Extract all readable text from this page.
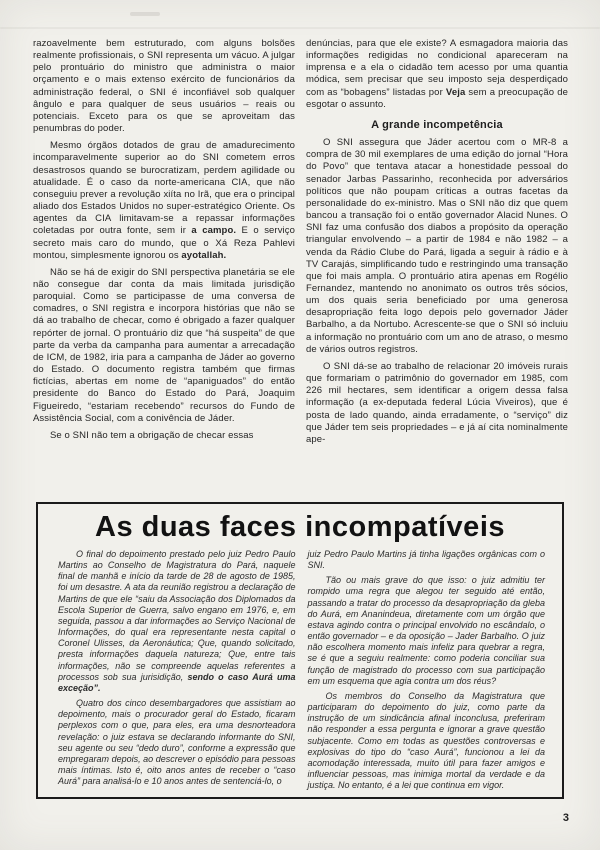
razoavelmente bem estruturado, com alguns bolsões realmente profissionais, o SNI representa um vácuo. A julgar pelo prontuário do ministro que administra o maior orçamento e o mais extenso exército de funcionários da administração federal, o SNI é inconfiável sob qualquer ângulo e para qualquer de seus usuários – reais ou potenciais. Exceto para os que se aproveitam das penumbras do poder.

Mesmo órgãos dotados de grau de amadurecimento incomparavelmente superior ao do SNI cometem erros desastrosos quando se burocratizam, perdem agilidade ou atualidade. É o caso da norte-americana CIA, que não conseguiu prever a revolução xiíta no Irã, que era o principal aliado dos Estados Unidos no super-estratégico Oriente. Os agentes da CIA limitavam-se a repassar informações coletadas por outra fonte, sem ir a campo. E o serviço secreto mais caro do mundo, que o Xá Reza Pahlevi montou, simplesmente ignorou os ayotallah.

Não se há de exigir do SNI perspectiva planetária se ele não consegue dar conta da mais limitada jurisdição paroquial. Como se participasse de uma conversa de comadres, o SNI registra e incorpora histórias que não se dá ao trabalho de checar, como é obrigado a fazer qualquer repórter de jornal. O prontuário diz que “há suspeita” de que parte da verba da campanha para aumentar a arrecadação de ICM, de 1982, iria para a campanha de Jáder ao governo do Estado. O documento registra também que firmas fictícias, abertas em nome de “apaniguados” do então presidente do Banco do Estado do Pará, Joaquim Figueiredo, “estariam recebendo” recursos do Fundo de Assistência Social, com a conivência de Jáder.

Se o SNI não tem a obrigação de checar essas

denúncias, para que ele existe? A esmagadora maioria das informações redigidas no condicional apareceram na imprensa e a ela o cidadão tem acesso por uma quantia módica, sem precisar que seu imposto seja desperdiçado com as “bobagens” listadas por Veja sem a preocupação de esgotar o assunto.

A grande incompetência

O SNI assegura que Jáder acertou com o MR-8 a compra de 30 mil exemplares de uma edição do jornal “Hora do Povo” que tentava atacar a honestidade pessoal do senador Jarbas Passarinho, reconhecida por adversários políticos que não poupam críticas a outras facetas da personalidade do ex-ministro. Mas o SNI não diz que quem bancou a transação foi o então governador Alacid Nunes. O SNI faz uma confusão dos diabos a propósito da operação triangular envolvendo – a partir de 1984 e não 1982 – a venda da Rádio Clube do Pará, ligada a seguir à rádio e à TV Carajás, simplificando tudo e restringindo uma transação que foi mais ampla. O prontuário atira apenas em Rogélio Fernandez, mantendo no anonimato os outros três sócios, um dos quais seria beneficiado por uma generosa desapropriação feita logo depois pelo governador Jáder Barbalho, a da Nortubo. Acrescente-se que o SNI só incluiu a informação no prontuário com um ano de atraso, o mesmo de vários outros registros.

O SNI dá-se ao trabalho de relacionar 20 imóveis rurais que formariam o patrimônio do governador em 1985, com 226 mil hectares, sem identificar a origem dessa falsa informação (a ex-deputada federal Lúcia Viveiros), que é posta de lado quando, ainda erradamente, o “serviço” diz que Jáder tem seis propriedades – e já aí cita nominalmente ape-

As duas faces incompatíveis

O final do depoimento prestado pelo juiz Pedro Paulo Martins ao Conselho de Magistratura do Pará, naquele final de manhã e início da tarde de 28 de agosto de 1985, foi um desastre. A ata da reunião registrou a declaração de Martins de que ele “saiu da Associação dos Diplomados da Escola Superior de Guerra, salvo engano em 1976, e, em seguida, passou a dar informações ao Serviço Nacional de Informações, do qual era representante nesta capital o Coronel Ulisses, da Aeronáutica; Que, quando solicitado, presta informações daquela natureza; Que, entre tais informações, não se compreende aquelas referentes a processos sob sua jurisidição, sendo o caso Aurá uma exceção”.

Quatro dos cinco desembargadores que assistiam ao depoimento, mais o procurador geral do Estado, ficaram perplexos com o que, para eles, era uma desnorteadora revelação: o juiz estava se declarando informante do SNI, seu agente ou seu “dedo duro”, conforme a expressão que empregaram depois, ao descrever o episódio para pessoas mais íntimas. Isto é, oito anos antes de receber o “caso Aurá” para analisá-lo e 10 anos antes de sentenciá-lo, o

juiz Pedro Paulo Martins já tinha ligações orgânicas com o SNI.

Tão ou mais grave do que isso: o juiz admitiu ter rompido uma regra que alegou ter seguido até então, passando a tratar do processo da desapropriação da gleba do Aurá, em Ananindeua, diretamente com um órgão que estava agindo contra o principal envolvido no escândalo, o então governador – e da oposição – Jader Barbalho. O juiz não escolhera momento mais infeliz para quebrar a regra, se é que a seguiu realmente: como poderia conciliar sua função de magistrado do processo com sua participação em um esquema que agia contra um dos réus?

Os membros do Conselho da Magistratura que participaram do depoimento do juiz, como parte da instrução de um sindicância afinal inconclusa, preferiram não responder a essa pergunta e ignorar a grave questão subjacente. Como em todas as questões controversas e explosivas do tipo do “caso Aurá”, funcionou a lei da acomodação interessada, muito útil para fazer amigos e influenciar pessoas, mas inimiga mortal da verdade e da justiça. No entanto, é a lei que continua em vigor.

3
